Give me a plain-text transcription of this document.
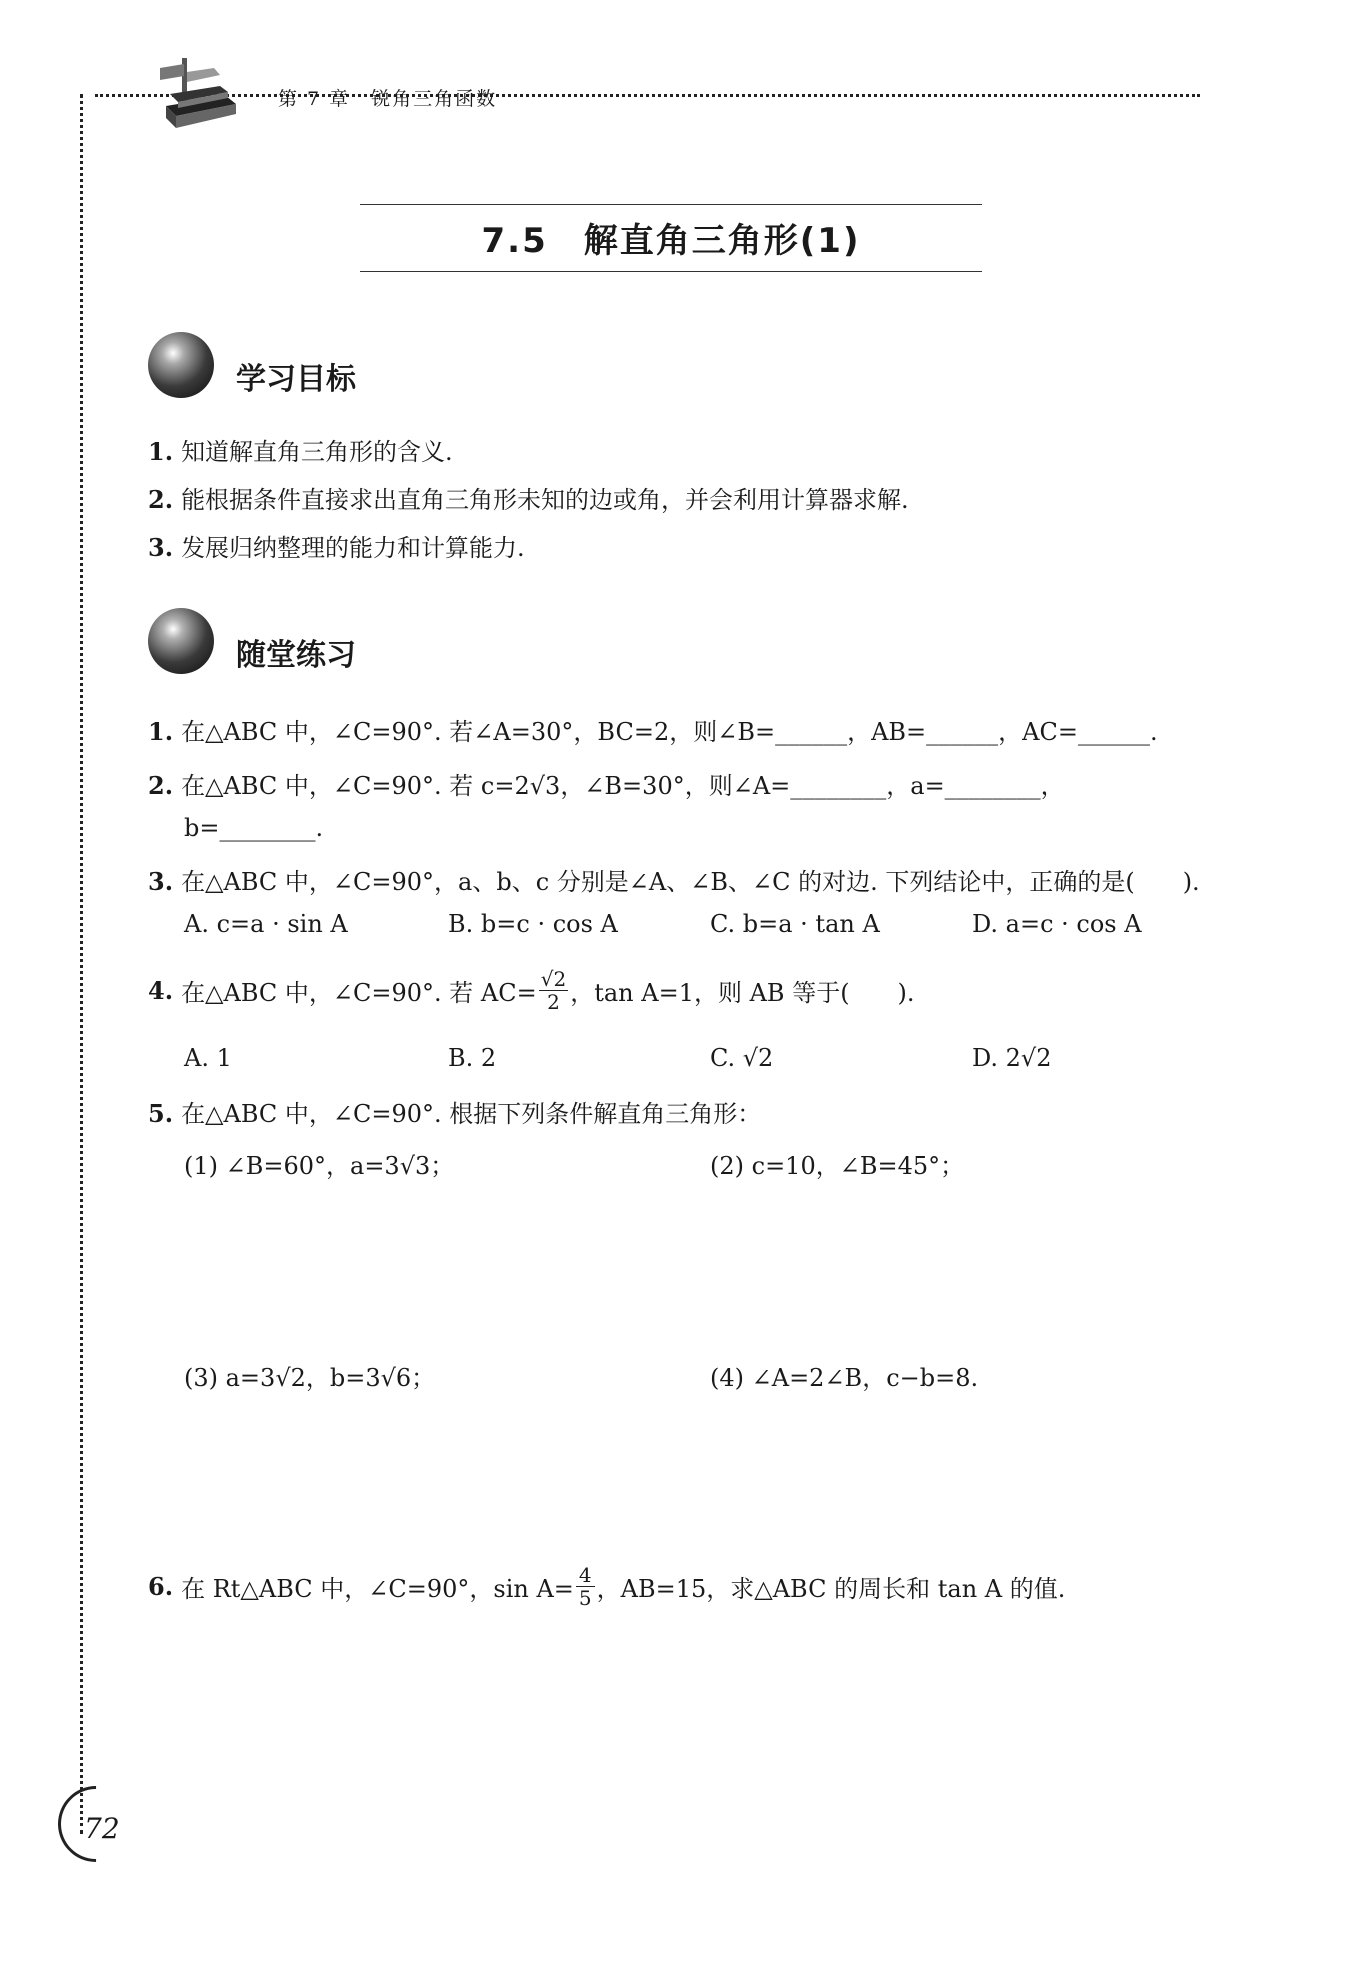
第 7 章　锐角三角函数
7.5　解直角三角形(1)
学习目标
1. 知道解直角三角形的含义.
2. 能根据条件直接求出直角三角形未知的边或角，并会利用计算器求解.
3. 发展归纳整理的能力和计算能力.
随堂练习
1. 在△ABC 中，∠C=90°. 若∠A=30°，BC=2，则∠B=______，AB=______，AC=______.
2. 在△ABC 中，∠C=90°. 若 c=2√3，∠B=30°，则∠A=________，a=________，
b=________.
3. 在△ABC 中，∠C=90°，a、b、c 分别是∠A、∠B、∠C 的对边. 下列结论中，正确的是(　　).
A. c=a · sin A	B. b=c · cos A	C. b=a · tan A	D. a=c · cos A
4. 在△ABC 中，∠C=90°. 若 $AC= \frac{√2}{2}$ ，tan A=1，则 AB 等于(　　).
A. 1	B. 2	C. √2	D. 2√2
5. 在△ABC 中，∠C=90°. 根据下列条件解直角三角形：
(1) ∠B=60°，a=3√3；	(2) c=10，∠B=45°；
(3) a=3√2，b=3√6；	(4) ∠A=2∠B，c−b=8.
6. 在 Rt△ABC 中，∠C=90°，$\sin A= \frac{4}{5}$ ，AB=15，求△ABC 的周长和 tan A 的值.
72
